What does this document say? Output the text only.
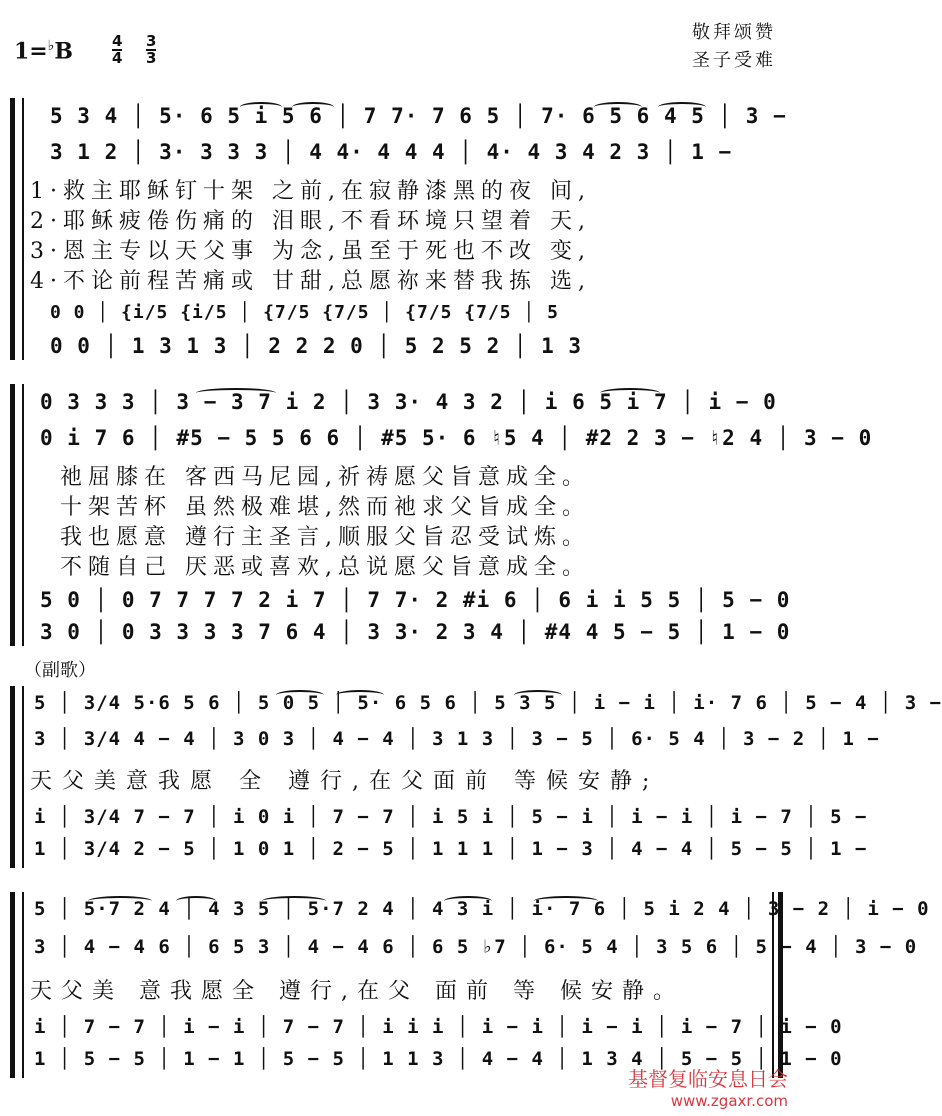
1=♭B	4
4
3
3
敬拜颂赞
圣子受难
5 3 4 │ 5· 6 5 i 5 6 │ 7 7· 7 6 5 │ 7· 6 5 6 4 5 │ 3 −
3 1 2 │ 3· 3 3 3 │ 4 4· 4 4 4 │ 4· 4 3 4 2 3 │ 1 −
1·救主耶稣钉十架 之前,在寂静漆黑的夜 间,
2·耶稣疲倦伤痛的 泪眼,不看环境只望着 天,
3·恩主专以天父事 为念,虽至于死也不改 变,
4·不论前程苦痛或 甘甜,总愿祢来替我拣 选,
0 0 │ {i/5 {i/5 │ {7/5 {7/5 │ {7/5 {7/5 │ 5
0 0 │ 1 3 1 3 │ 2 2 2 0 │ 5 2 5 2 │ 1 3
0 3 3 3 │ 3 − 3 7 i 2 │ 3 3· 4 3 2 │ i 6 5 i 7 │ i − 0
0 i 7 6 │ #5 − 5 5 6 6 │ #5 5· 6 ♮5 4 │ #2 2 3 − ♮2 4 │ 3 − 0
祂屈膝在 客西马尼园,祈祷愿父旨意成全。
十架苦杯 虽然极难堪,然而祂求父旨成全。
我也愿意 遵行主圣言,顺服父旨忍受试炼。
不随自己 厌恶或喜欢,总说愿父旨意成全。
5 0 │ 0 7 7 7 7 2 i 7 │ 7 7· 2 #i 6 │ 6 i i 5 5 │ 5 − 0
3 0 │ 0 3 3 3 3 7 6 4 │ 3 3· 2 3 4 │ #4 4 5 − 5 │ 1 − 0
（副歌）
5 │ 3/4 5·6 5 6 │ 5 0 5 │ 5· 6 5 6 │ 5 3 5 │ i − i │ i· 7 6 │ 5 − 4 │ 3 −
3 │ 3/4 4 − 4 │ 3 0 3 │ 4 − 4 │ 3 1 3 │ 3 − 5 │ 6· 5 4 │ 3 − 2 │ 1 −
天父美意我愿 全 遵行,在父面前 等候安静;
i │ 3/4 7 − 7 │ i 0 i │ 7 − 7 │ i 5 i │ 5 − i │ i − i │ i − 7 │ 5 −
1 │ 3/4 2 − 5 │ 1 0 1 │ 2 − 5 │ 1 1 1 │ 1 − 3 │ 4 − 4 │ 5 − 5 │ 1 −
5 │ 5·7 2 4 │ 4 3 5 │ 5·7 2 4 │ 4 3 i │ i· 7 6 │ 5 i 2 4 │ 3 − 2 │ i − 0
3 │ 4 − 4 6 │ 6 5 3 │ 4 − 4 6 │ 6 5 ♭7 │ 6· 5 4 │ 3 5 6 │ 5 − 4 │ 3 − 0
天父美 意我愿全 遵行,在父 面前 等 候安静。
i │ 7 − 7 │ i − i │ 7 − 7 │ i i i │ i − i │ i − i │ i − 7 │ i − 0
1 │ 5 − 5 │ 1 − 1 │ 5 − 5 │ 1 1 3 │ 4 − 4 │ 1 3 4 │ 5 − 5 │ 1 − 0
基督复临安息日会
www.zgaxr.com
